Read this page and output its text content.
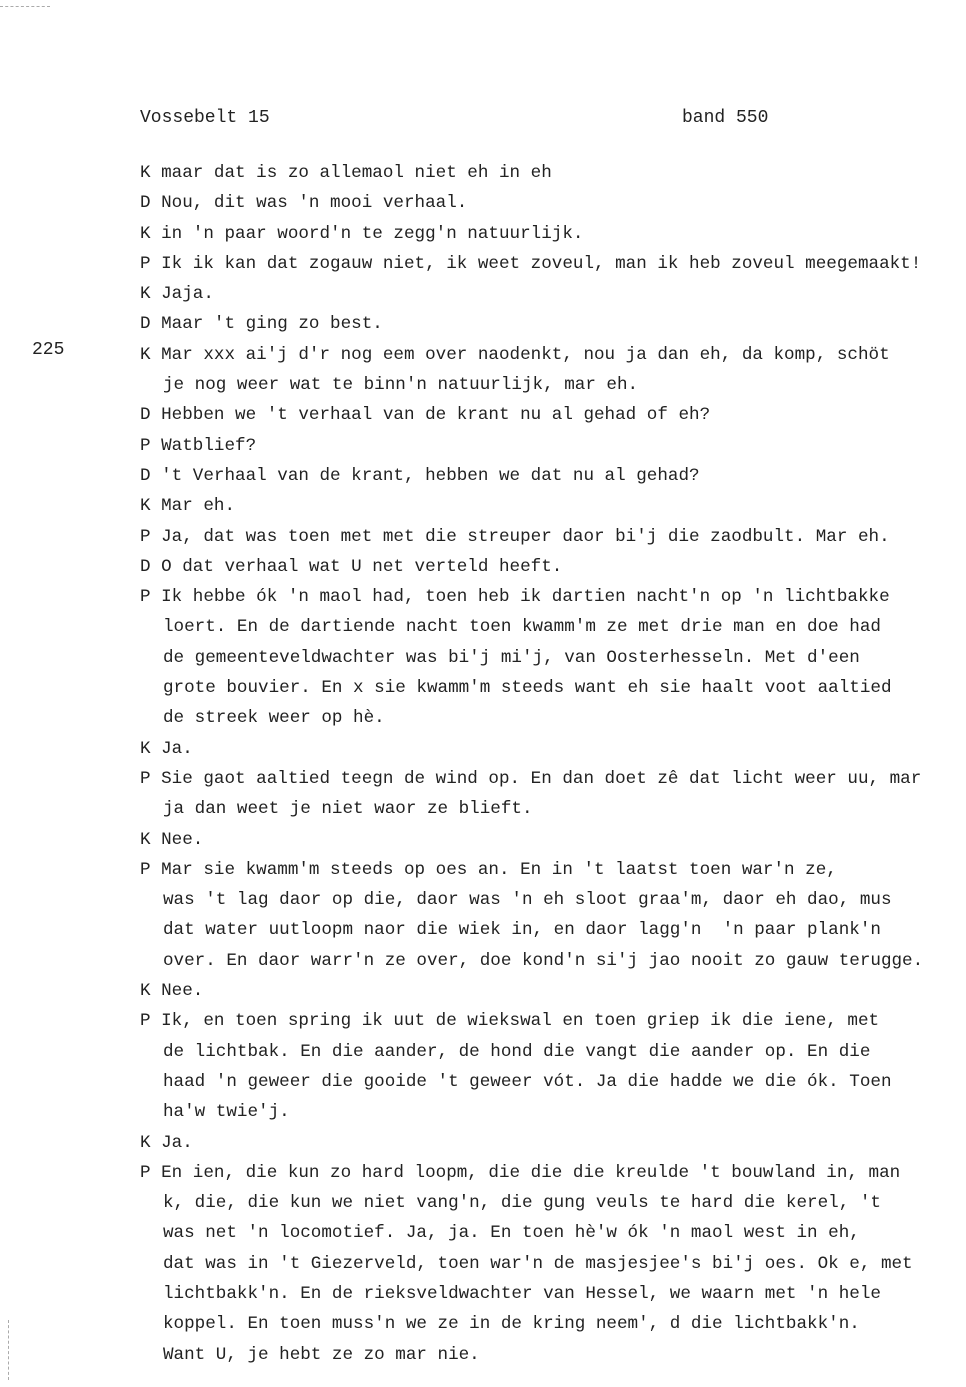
Vossebelt 15	band 550
225
K maar dat is zo allemaol niet eh in eh
D Nou, dit was 'n mooi verhaal.
K in 'n paar woord'n te zegg'n natuurlijk.
P Ik ik kan dat zogauw niet, ik weet zoveul, man ik heb zoveul meegemaakt!
K Jaja.
D Maar 't ging zo best.
K Mar xxx ai'j d'r nog eem over naodenkt, nou ja dan eh, da komp, schöt
je nog weer wat te binn'n natuurlijk, mar eh.
D Hebben we 't verhaal van de krant nu al gehad of eh?
P Watblief?
D 't Verhaal van de krant, hebben we dat nu al gehad?
K Mar eh.
P Ja, dat was toen met met die streuper daor bi'j die zaodbult. Mar eh.
D O dat verhaal wat U net verteld heeft.
P Ik hebbe ók 'n maol had, toen heb ik dartien nacht'n op 'n lichtbakke
loert. En de dartiende nacht toen kwamm'm ze met drie man en doe had
de gemeenteveldwachter was bi'j mi'j, van Oosterhesseln. Met d'een
grote bouvier. En x sie kwamm'm steeds want eh sie haalt voot aaltied
de streek weer op hè.
K Ja.
P Sie gaot aaltied teegn de wind op. En dan doet zê dat licht weer uu, mar
ja dan weet je niet waor ze blieft.
K Nee.
P Mar sie kwamm'm steeds op oes an. En in 't laatst toen war'n ze,
was 't lag daor op die, daor was 'n eh sloot graa'm, daor eh dao, mus
dat water uutloopm naor die wiek in, en daor lagg'n  'n paar plank'n
over. En daor warr'n ze over, doe kond'n si'j jao nooit zo gauw terugge.
K Nee.
P Ik, en toen spring ik uut de wiekswal en toen griep ik die iene, met
de lichtbak. En die aander, de hond die vangt die aander op. En die
haad 'n geweer die gooide 't geweer vót. Ja die hadde we die ók. Toen
ha'w twie'j.
K Ja.
P En ien, die kun zo hard loopm, die die die kreulde 't bouwland in, man
k, die, die kun we niet vang'n, die gung veuls te hard die kerel, 't
was net 'n locomotief. Ja, ja. En toen hè'w ók 'n maol west in eh,
dat was in 't Giezerveld, toen war'n de masjesjee's bi'j oes. Ok e, met
lichtbakk'n. En de rieksveldwachter van Hessel, we waarn met 'n hele
koppel. En toen muss'n we ze in de kring neem', d die lichtbakk'n.
Want U, je hebt ze zo mar nie.
